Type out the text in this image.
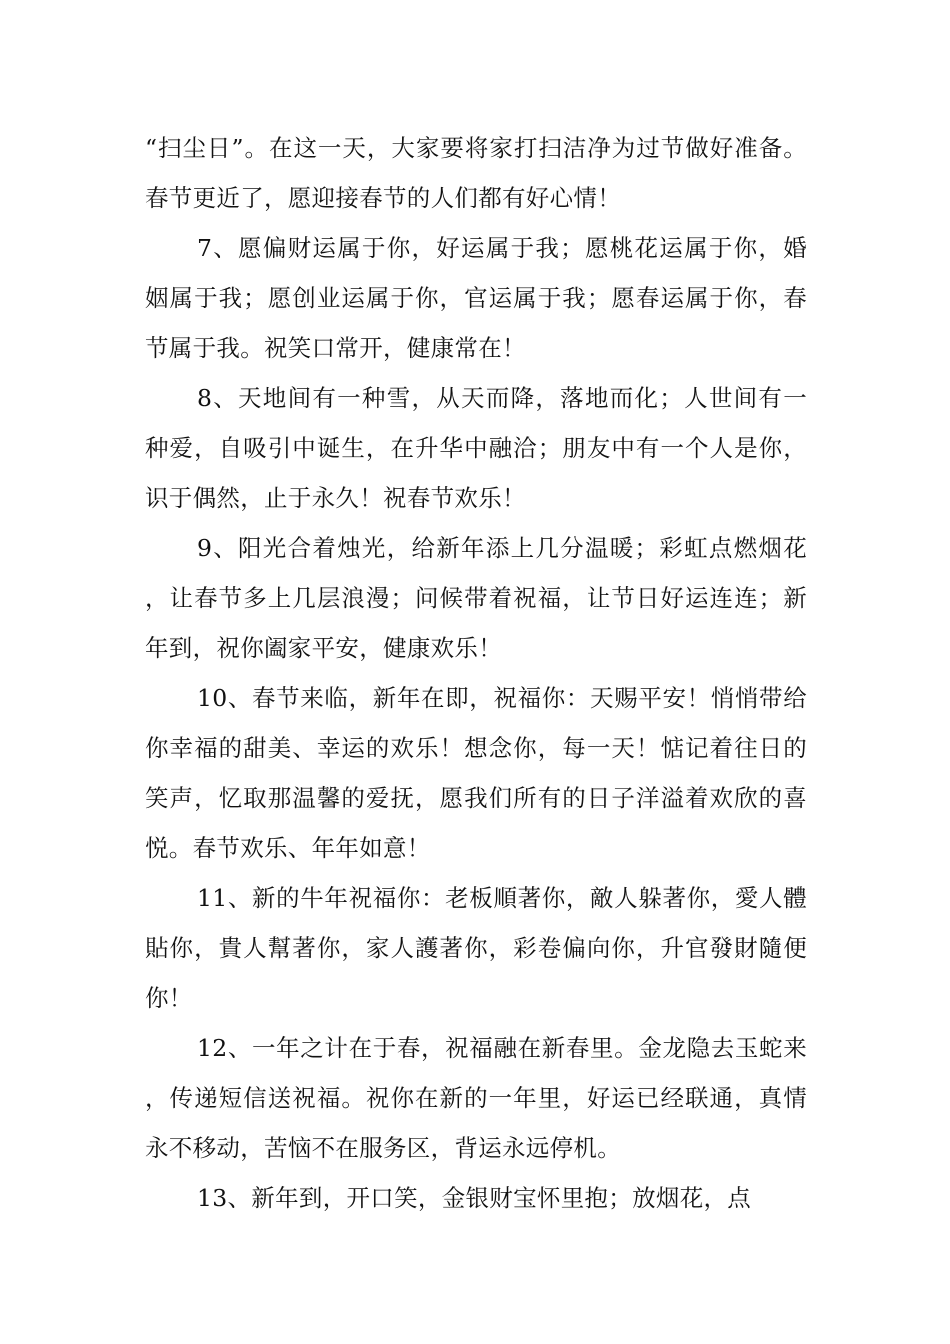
“扫尘日”。在这一天，大家要将家打扫洁净为过节做好准备。春节更近了，愿迎接春节的人们都有好心情！

7、愿偏财运属于你，好运属于我；愿桃花运属于你，婚姻属于我；愿创业运属于你，官运属于我；愿春运属于你，春节属于我。祝笑口常开，健康常在！

8、天地间有一种雪，从天而降，落地而化；人世间有一种爱，自吸引中诞生，在升华中融洽；朋友中有一个人是你，识于偶然，止于永久！祝春节欢乐！

9、阳光合着烛光，给新年添上几分温暖；彩虹点燃烟花，让春节多上几层浪漫；问候带着祝福，让节日好运连连；新年到，祝你阖家平安，健康欢乐！

10、春节来临，新年在即，祝福你：天赐平安！悄悄带给你幸福的甜美、幸运的欢乐！想念你，每一天！惦记着往日的笑声，忆取那温馨的爱抚，愿我们所有的日子洋溢着欢欣的喜悦。春节欢乐、年年如意！

11、新的牛年祝福你：老板順著你，敵人躲著你，愛人體貼你，貴人幫著你，家人護著你，彩卷偏向你，升官發財隨便你！

12、一年之计在于春，祝福融在新春里。金龙隐去玉蛇来，传递短信送祝福。祝你在新的一年里，好运已经联通，真情永不移动，苦恼不在服务区，背运永远停机。

13、新年到，开口笑，金银财宝怀里抱；放烟花，点
